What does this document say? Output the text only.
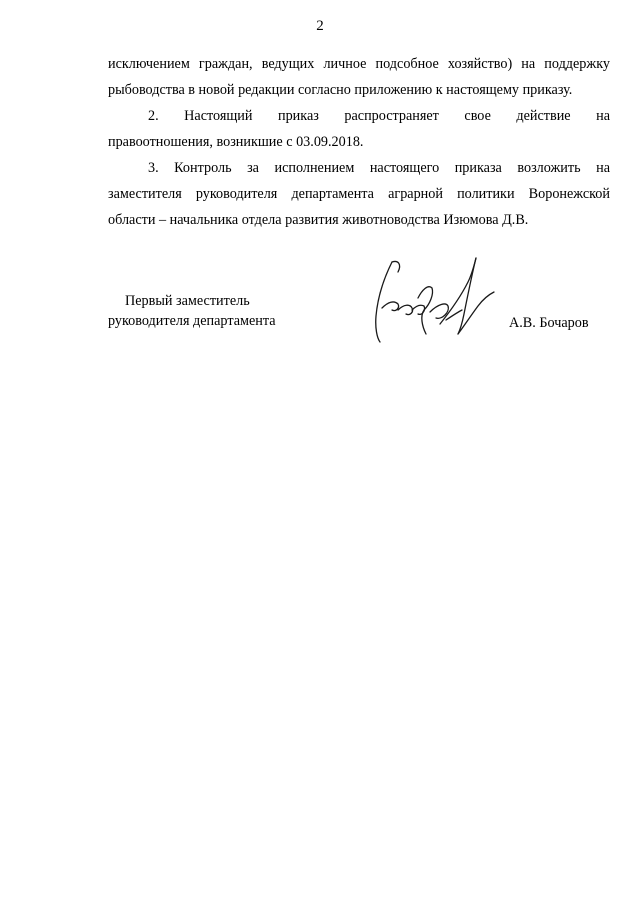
2
исключением граждан, ведущих личное подсобное хозяйство) на поддержку
рыбоводства в новой редакции согласно приложению к настоящему приказу.
2. Настоящий приказ распространяет свое действие на
правоотношения, возникшие с 03.09.2018.
3. Контроль за исполнением настоящего приказа возложить на
заместителя руководителя департамента аграрной политики Воронежской
области – начальника отдела развития животноводства Изюмова Д.В.
Первый заместитель
руководителя департамента	А.В. Бочаров
